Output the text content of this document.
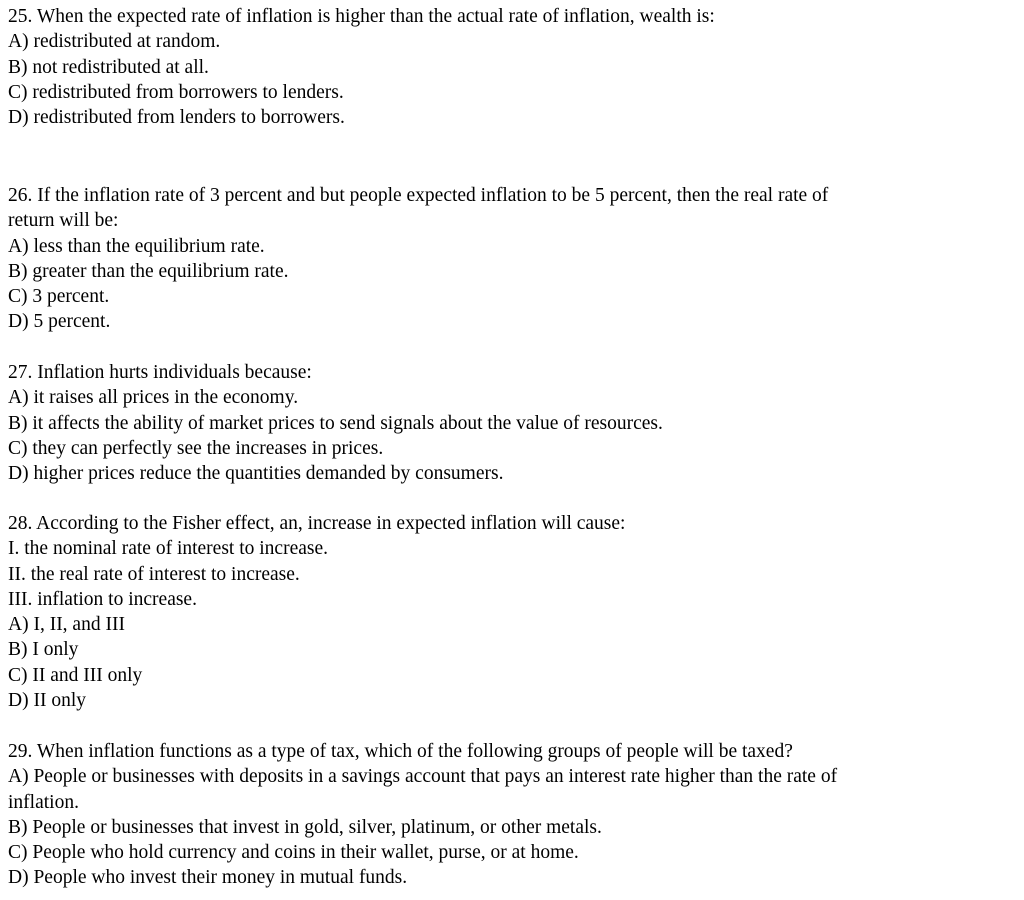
25. When the expected rate of inflation is higher than the actual rate of inflation, wealth is:
A) redistributed at random.
B) not redistributed at all.
C) redistributed from borrowers to lenders.
D) redistributed from lenders to borrowers.
26. If the inflation rate of 3 percent and but people expected inflation to be 5 percent, then the real rate of
return will be:
A) less than the equilibrium rate.
B) greater than the equilibrium rate.
C) 3 percent.
D) 5 percent.
27. Inflation hurts individuals because:
A) it raises all prices in the economy.
B) it affects the ability of market prices to send signals about the value of resources.
C) they can perfectly see the increases in prices.
D) higher prices reduce the quantities demanded by consumers.
28. According to the Fisher effect, an, increase in expected inflation will cause:
I. the nominal rate of interest to increase.
II. the real rate of interest to increase.
III. inflation to increase.
A) I, II, and III
B) I only
C) II and III only
D) II only
29. When inflation functions as a type of tax, which of the following groups of people will be taxed?
A) People or businesses with deposits in a savings account that pays an interest rate higher than the rate of
inflation.
B) People or businesses that invest in gold, silver, platinum, or other metals.
C) People who hold currency and coins in their wallet, purse, or at home.
D) People who invest their money in mutual funds.
